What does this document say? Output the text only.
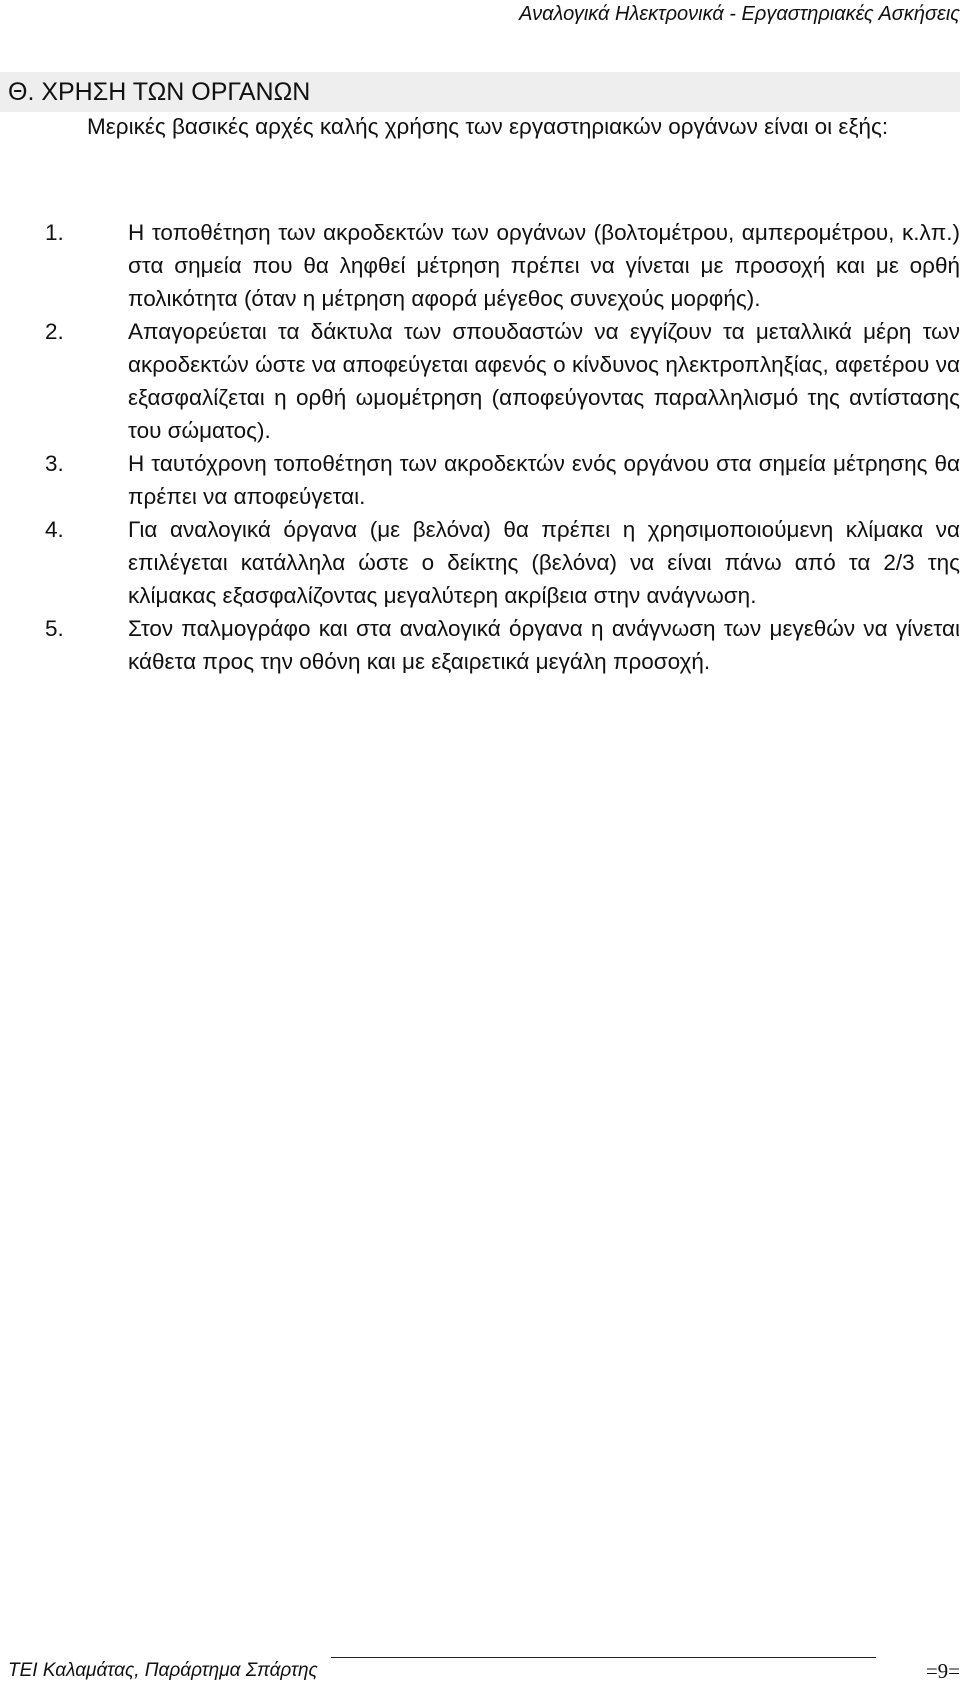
Αναλογικά Ηλεκτρονικά - Εργαστηριακές Ασκήσεις
Θ. ΧΡΗΣΗ ΤΩΝ ΟΡΓΑΝΩΝ
Μερικές βασικές αρχές καλής χρήσης των εργαστηριακών οργάνων είναι οι εξής:
1.	Η τοποθέτηση των ακροδεκτών των οργάνων (βολτομέτρου, αμπερομέτρου, κ.λπ.) στα σημεία που θα ληφθεί μέτρηση πρέπει να γίνεται με προσοχή και με ορθή πολικότητα (όταν η μέτρηση αφορά μέγεθος συνεχούς μορφής).
2.	Απαγορεύεται τα δάκτυλα των σπουδαστών να εγγίζουν τα μεταλλικά μέρη των ακροδεκτών ώστε να αποφεύγεται αφενός ο κίνδυνος ηλεκτροπληξίας, αφετέρου να εξασφαλίζεται η ορθή ωμομέτρηση (αποφεύγοντας παραλληλισμό της αντίστασης του σώματος).
3.	Η ταυτόχρονη τοποθέτηση των ακροδεκτών ενός οργάνου στα σημεία μέτρησης θα πρέπει να αποφεύγεται.
4.	Για αναλογικά όργανα (με βελόνα) θα πρέπει η χρησιμοποιούμενη κλίμακα να επιλέγεται κατάλληλα ώστε ο δείκτης (βελόνα) να είναι πάνω από τα 2/3 της κλίμακας εξασφαλίζοντας μεγαλύτερη ακρίβεια στην ανάγνωση.
5.	Στον παλμογράφο και στα αναλογικά όργανα η ανάγνωση των μεγεθών να γίνεται κάθετα προς την οθόνη και με εξαιρετικά μεγάλη προσοχή.
ΤΕΙ Καλαμάτας, Παράρτημα Σπάρτης	=9=
